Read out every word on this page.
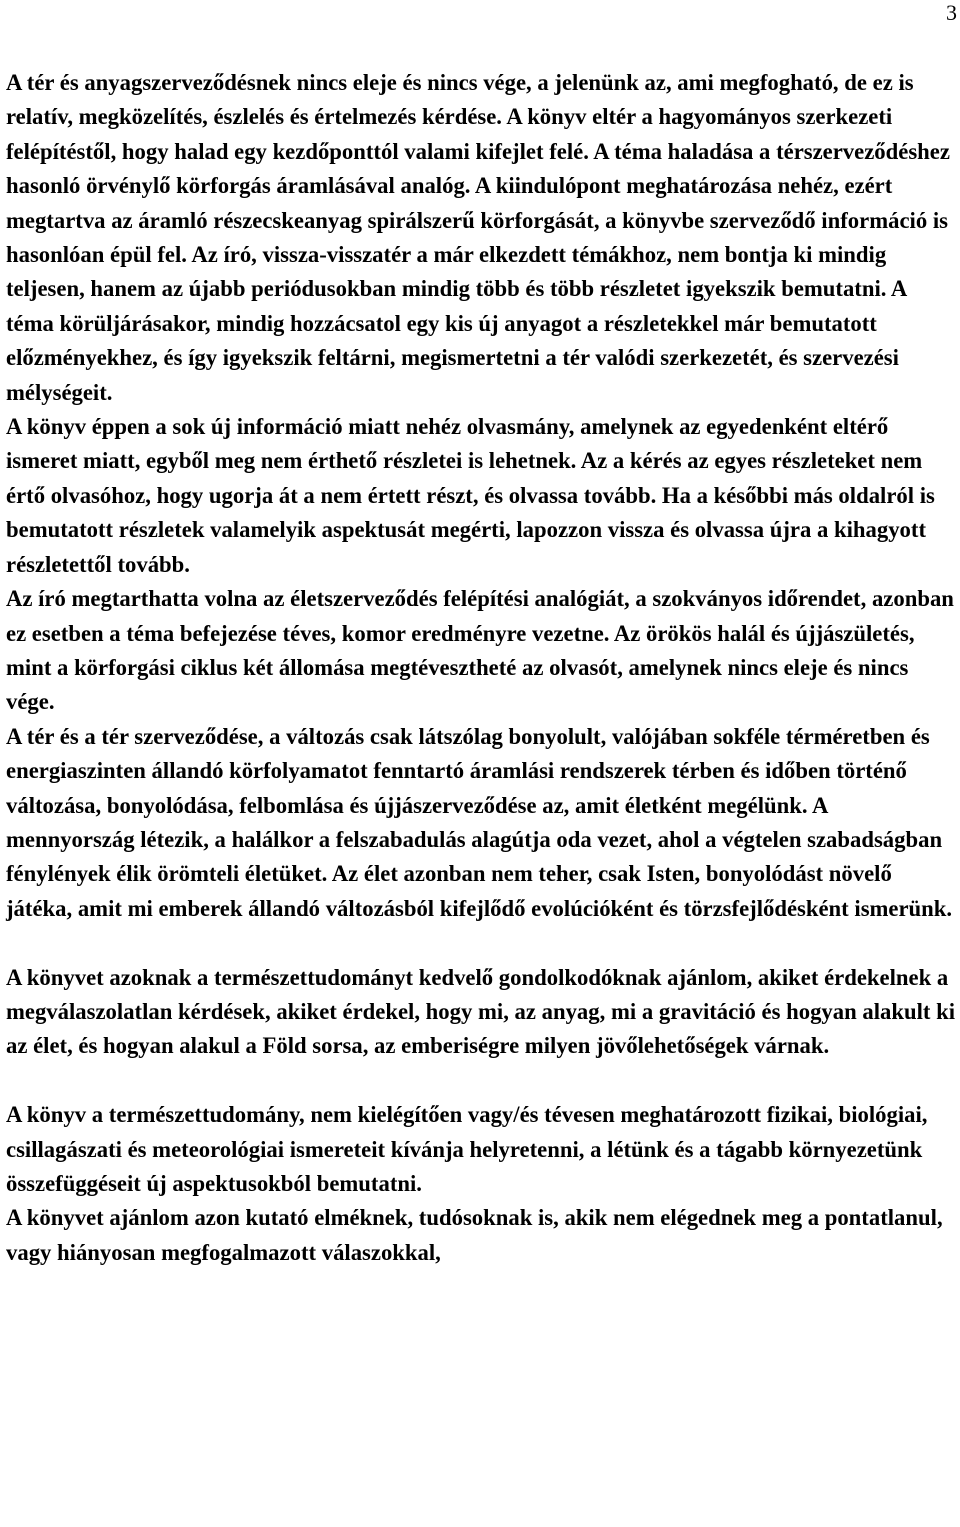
3

A tér és anyagszerveződésnek nincs eleje és nincs vége, a jelenünk az, ami megfogható, de ez is relatív, megközelítés, észlelés és értelmezés kérdése. A könyv eltér a hagyományos szerkezeti felépítéstől, hogy halad egy kezdőponttól valami kifejlet felé. A téma haladása a térszerveződéshez hasonló örvénylő körforgás áramlásával analóg. A kiindulópont meghatározása nehéz, ezért megtartva az áramló részecskeanyag spirálszerű körforgását, a könyvbe szerveződő információ is hasonlóan épül fel. Az író, vissza-visszatér a már elkezdett témákhoz, nem bontja ki mindig teljesen, hanem az újabb periódusokban mindig több és több részletet igyekszik bemutatni. A téma körüljárásakor, mindig hozzácsatol egy kis új anyagot a részletekkel már bemutatott előzményekhez, és így igyekszik feltárni, megismertetni a tér valódi szerkezetét, és szervezési mélységeit.

A könyv éppen a sok új információ miatt nehéz olvasmány, amelynek az egyedenként eltérő ismeret miatt, egyből meg nem érthető részletei is lehetnek. Az a kérés az egyes részleteket nem értő olvasóhoz, hogy ugorja át a nem értett részt, és olvassa tovább. Ha a későbbi más oldalról is bemutatott részletek valamelyik aspektusát megérti, lapozzon vissza és olvassa újra a kihagyott részletettől tovább.

Az író megtarthatta volna az életszerveződés felépítési analógiát, a szokványos időrendet, azonban ez esetben a téma befejezése téves, komor eredményre vezetne. Az örökös halál és újjászületés, mint a körforgási ciklus két állomása megtévesztheté az olvasót, amelynek nincs eleje és nincs vége.

A tér és a tér szerveződése, a változás csak látszólag bonyolult, valójában sokféle térméretben és energiaszinten állandó körfolyamatot fenntartó áramlási rendszerek térben és időben történő változása, bonyolódása, felbomlása és újjászerveződése az, amit életként megélünk. A mennyország létezik, a halálkor a felszabadulás alagútja oda vezet, ahol a végtelen szabadságban fénylények élik örömteli életüket. Az élet azonban nem teher, csak Isten, bonyolódást növelő játéka, amit mi emberek állandó változásból kifejlődő evolúcióként és törzsfejlődésként ismerünk.

A könyvet azoknak a természettudományt kedvelő gondolkodóknak ajánlom, akiket érdekelnek a megválaszolatlan kérdések, akiket érdekel, hogy mi, az anyag, mi a gravitáció és hogyan alakult ki az élet, és hogyan alakul a Föld sorsa, az emberiségre milyen jövőlehetőségek várnak.

A könyv a természettudomány, nem kielégítően vagy/és tévesen meghatározott fizikai, biológiai, csillagászati és meteorológiai ismereteit kívánja helyretenni, a létünk és a tágabb környezetünk összefüggéseit új aspektusokból bemutatni.

A könyvet ajánlom azon kutató elméknek, tudósoknak is, akik nem elégednek meg a pontatlanul, vagy hiányosan megfogalmazott válaszokkal,
